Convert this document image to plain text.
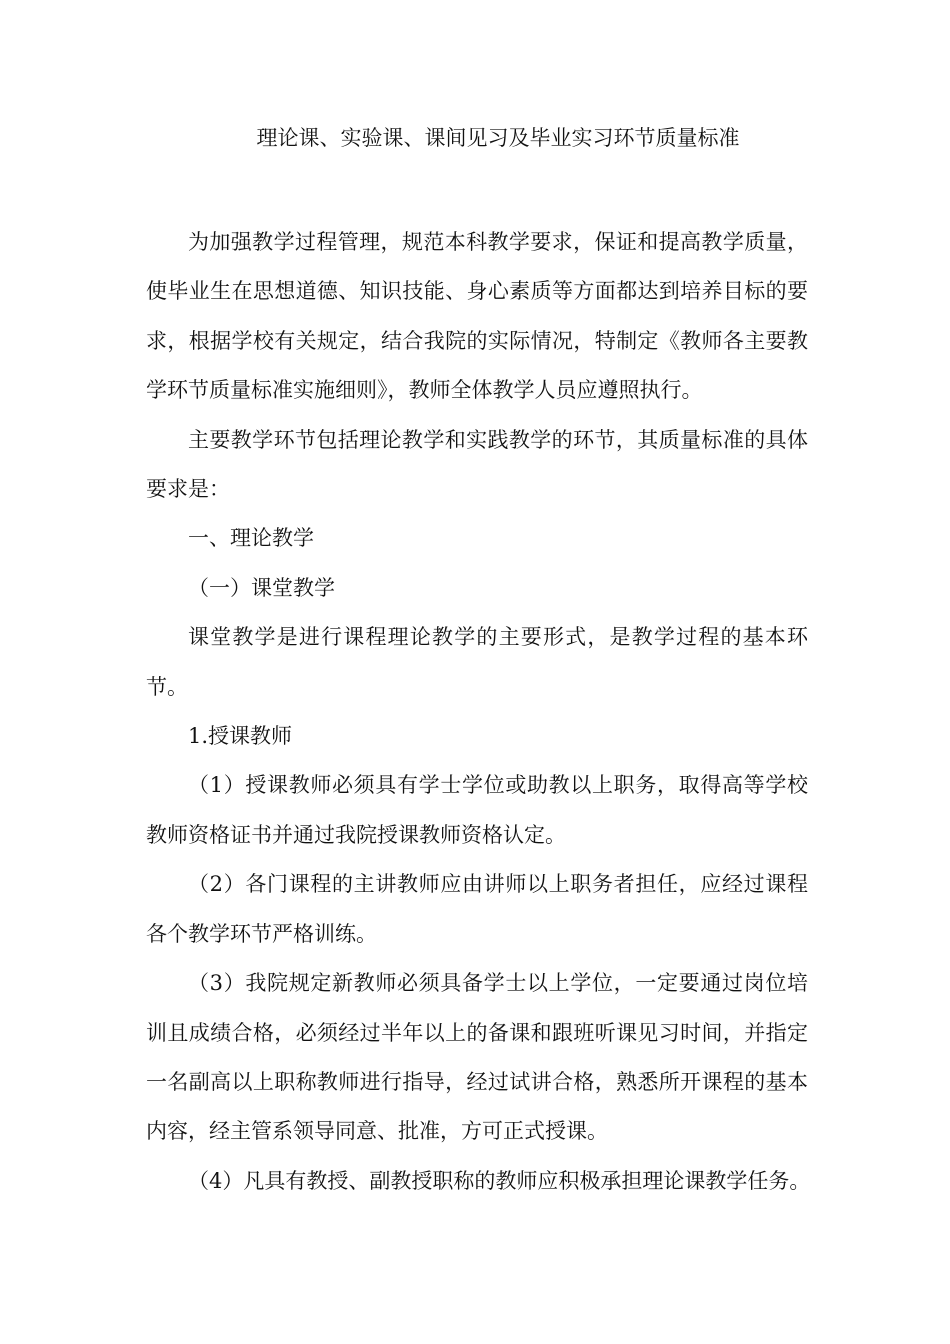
理论课、实验课、课间见习及毕业实习环节质量标准

为加强教学过程管理，规范本科教学要求，保证和提高教学质量，使毕业生在思想道德、知识技能、身心素质等方面都达到培养目标的要求，根据学校有关规定，结合我院的实际情况，特制定《教师各主要教学环节质量标准实施细则》，教师全体教学人员应遵照执行。

主要教学环节包括理论教学和实践教学的环节，其质量标准的具体要求是：

一、理论教学

（一）课堂教学

课堂教学是进行课程理论教学的主要形式，是教学过程的基本环节。

1.授课教师

（1）授课教师必须具有学士学位或助教以上职务，取得高等学校教师资格证书并通过我院授课教师资格认定。

（2）各门课程的主讲教师应由讲师以上职务者担任，应经过课程各个教学环节严格训练。

（3）我院规定新教师必须具备学士以上学位，一定要通过岗位培训且成绩合格，必须经过半年以上的备课和跟班听课见习时间，并指定一名副高以上职称教师进行指导，经过试讲合格，熟悉所开课程的基本内容，经主管系领导同意、批准，方可正式授课。

（4）凡具有教授、副教授职称的教师应积极承担理论课教学任务。
